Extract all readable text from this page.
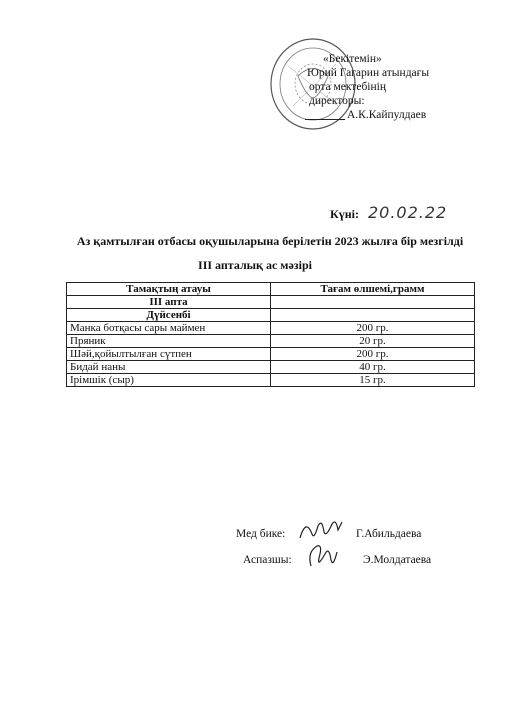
«Бекітемін»
Юрий Гагарин атындағы
орта мектебінің
директоры:
А.К.Кайпулдаев
Күні: 20.02.22
Аз қамтылған отбасы оқушыларына берілетін 2023 жылға бір мезгілді
III апталық ас мәзірі
Тамақтың атауы	Тағам өлшемі,грамм
III апта	
Дүйсенбі	
Манка ботқасы сары маймен	200 гр.
Пряник	20 гр.
Шәй,қойылтылған сүтпен	200 гр.
Бидай наны	40 гр.
Ірімшік (сыр)	15 гр.
Мед бике:	Г.Абильдаева
Аспазшы:	Э.Молдатаева
